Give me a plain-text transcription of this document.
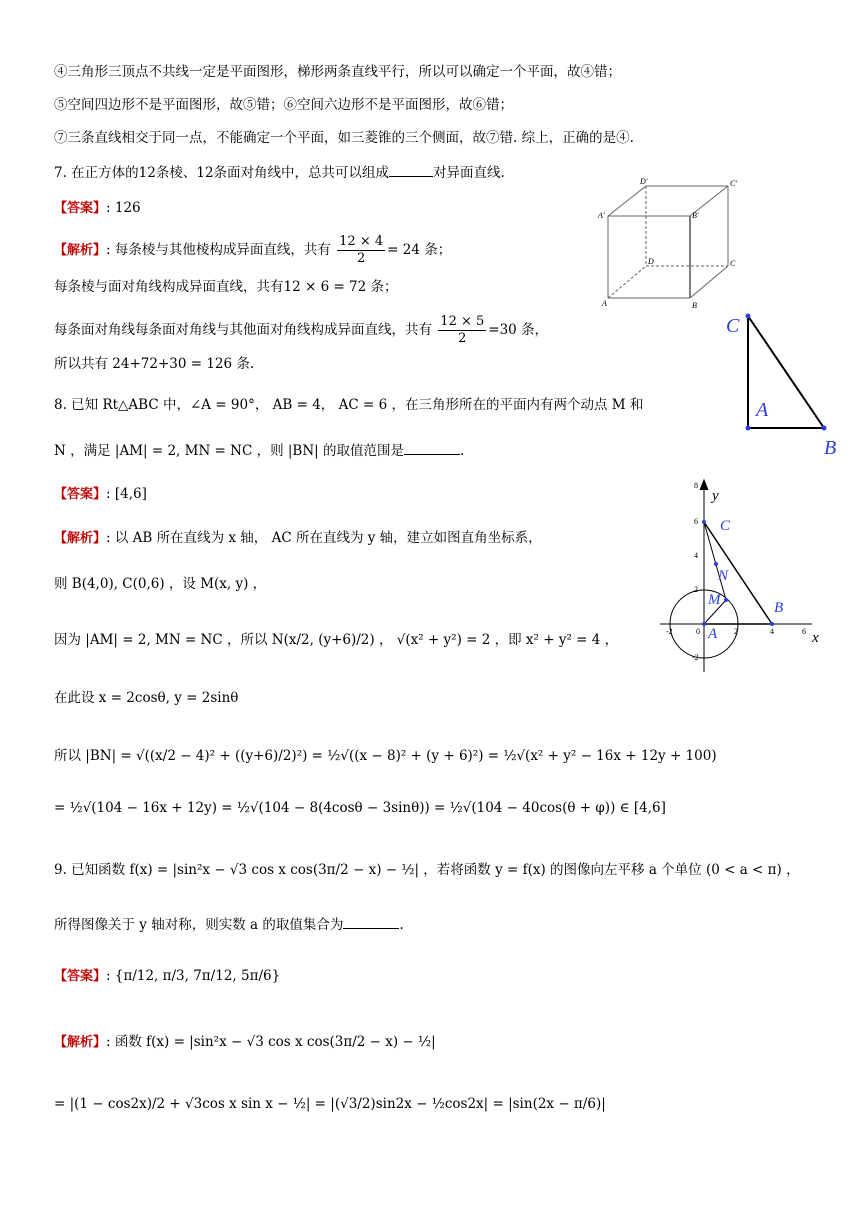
④三角形三顶点不共线一定是平面图形，梯形两条直线平行，所以可以确定一个平面，故④错；
⑤空间四边形不是平面图形，故⑤错；⑥空间六边形不是平面图形，故⑥错；
⑦三条直线相交于同一点，不能确定一个平面，如三菱锥的三个侧面，故⑦错. 综上，正确的是④.
7. 在正方体的12条棱、12条面对角线中，总共可以组成	对异面直线.
【答案】: 126
【解析】: 每条棱与其他棱构成异面直线，共有 $\frac{12 \times 4}{2} = 24$ 条；
每条棱与面对角线构成异面直线，共有12 × 6 = 72 条；
每条面对角线每条面对角线与其他面对角线构成异面直线，共有 $\frac{12 \times 5}{2} =30$ 条，
所以共有 24+72+30 = 126 条.
D′	C′
A′	B′
D	C
A	B
C
A
B
8. 已知 Rt△ABC 中，∠A = 90°， AB = 4， AC = 6 ，在三角形所在的平面内有两个动点 M 和
N ，满足 |AM| = 2, MN = NC ，则 |BN| 的取值范围是	.
【答案】: [4,6]
【解析】: 以 AB 所在直线为 x 轴， AC 所在直线为 y 轴，建立如图直角坐标系，
则 B(4,0), C(0,6) ，设 M(x, y) ，
因为 |AM| = 2, MN = NC ，所以 N(x/2, (y+6)/2) ， √(x² + y²) = 2 ，即 x² + y² = 4 ，
在此设 x = 2cosθ, y = 2sinθ
所以 |BN| = √((x/2 − 4)² + ((y+6)/2)²) = ½√((x − 8)² + (y + 6)²) = ½√(x² + y² − 16x + 12y + 100)
= ½√(104 − 16x + 12y) = ½√(104 − 8(4cosθ − 3sinθ)) = ½√(104 − 40cos(θ + φ)) ∈ [4,6]
8
6
4
2
-2
-2	0	2	4	6
y
x
C
N
M	B
A
9. 已知函数 f(x) = |sin²x − √3 cos x cos(3π/2 − x) − ½| ，若将函数 y = f(x) 的图像向左平移 a 个单位 (0 < a < π) ，
所得图像关于 y 轴对称，则实数 a 的取值集合为	.
【答案】: {π/12, π/3, 7π/12, 5π/6}
【解析】: 函数 f(x) = |sin²x − √3 cos x cos(3π/2 − x) − ½|
= |(1 − cos2x)/2 + √3cos x sin x − ½| = |(√3/2)sin2x − ½cos2x| = |sin(2x − π/6)|
